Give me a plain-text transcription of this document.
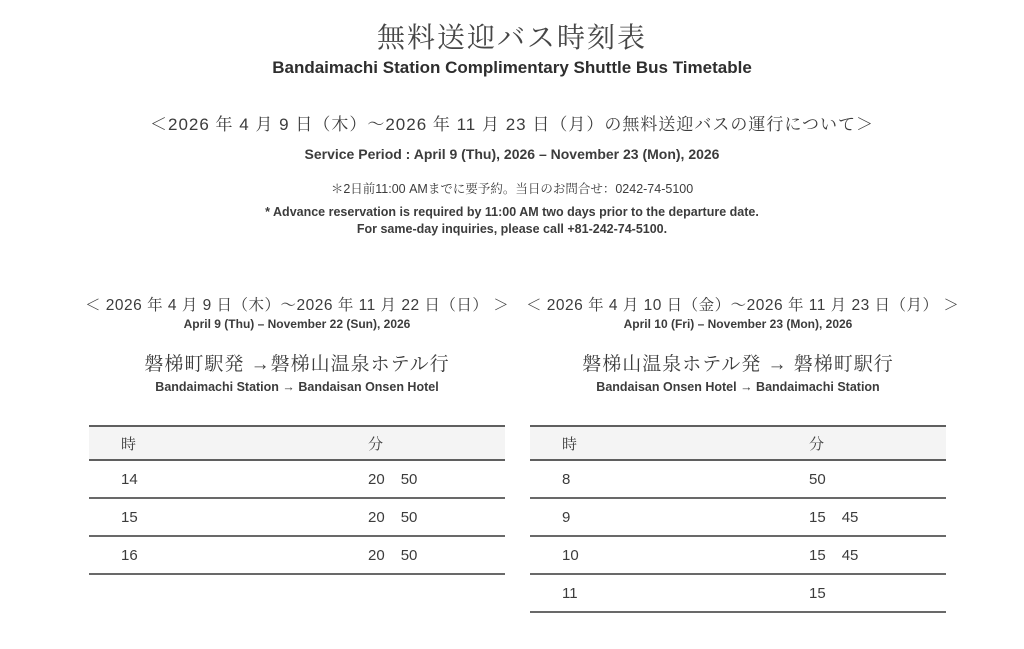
無料送迎バス時刻表
Bandaimachi Station Complimentary Shuttle Bus Timetable
＜2026 年 4 月 9 日（木）～2026 年 11 月 23 日（月）の無料送迎バスの運行について＞
Service Period : April 9 (Thu), 2026 – November 23 (Mon), 2026
＊2日前11:00 AMまでに要予約。当日のお問合せ：0242-74-5100
* Advance reservation is required by 11:00 AM two days prior to the departure date.
For same-day inquiries, please call +81-242-74-5100.
＜ 2026 年 4 月 9 日（木）～2026 年 11 月 22 日（日） ＞
April 9 (Thu) – November 22 (Sun), 2026
磐梯町駅発 →磐梯山温泉ホテル行
Bandaimachi Station → Bandaisan Onsen Hotel
時	分
14	20 50
15	20 50
16	20 50
＜ 2026 年 4 月 10 日（金）～2026 年 11 月 23 日（月） ＞
April 10 (Fri) – November 23 (Mon), 2026
磐梯山温泉ホテル発 → 磐梯町駅行
Bandaisan Onsen Hotel → Bandaimachi Station
時	分
8	50
9	15 45
10	15 45
11	15
